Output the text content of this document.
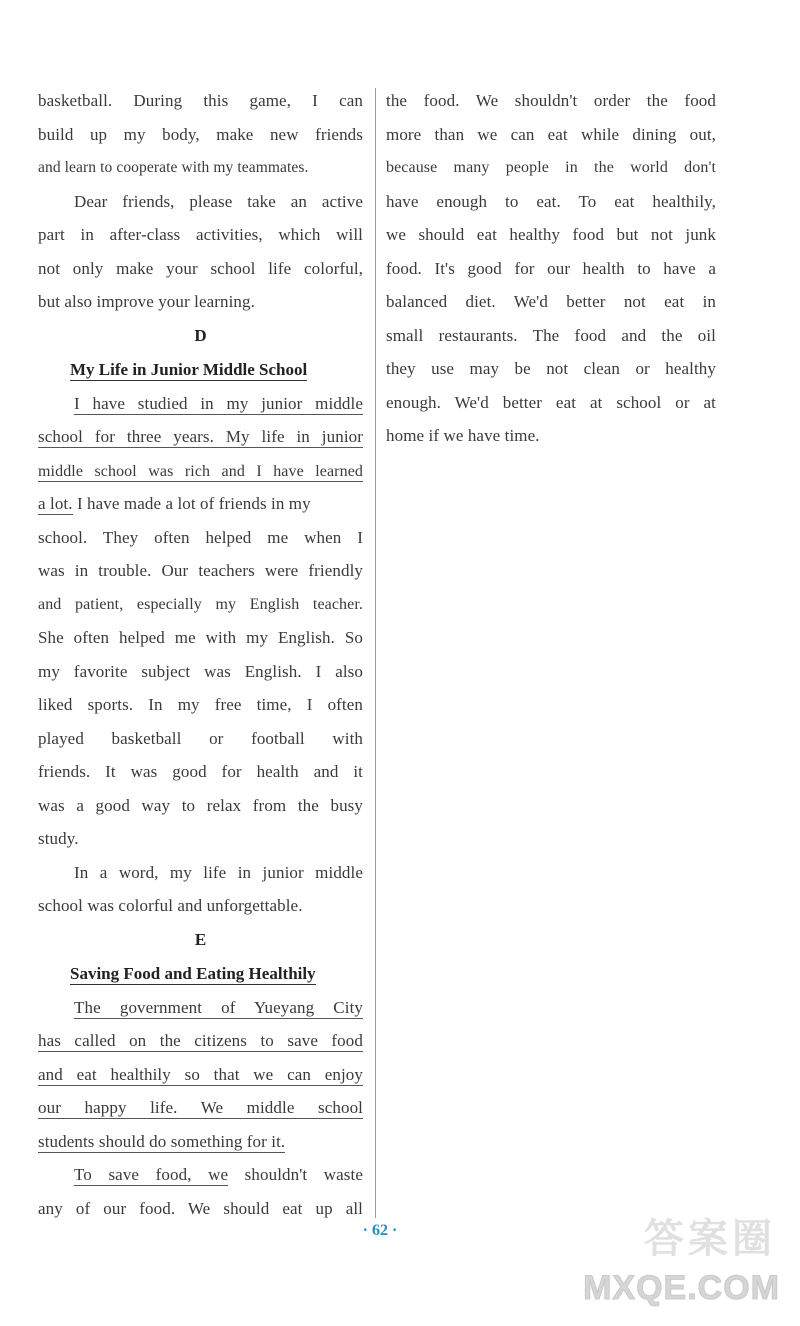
basketball. During this game, I can
build up my body, make new friends
and learn to cooperate with my teammates.
Dear friends, please take an active
part in after-class activities, which will
not only make your school life colorful,
but also improve your learning.
D
My Life in Junior Middle School
I have studied in my junior middle
school for three years. My life in junior
middle school was rich and I have learned
a lot. I have made a lot of friends in my
school. They often helped me when I
was in trouble. Our teachers were friendly
and patient, especially my English teacher.
She often helped me with my English. So
my favorite subject was English. I also
liked sports. In my free time, I often
played basketball or football with
friends. It was good for health and it
was a good way to relax from the busy
study.
In a word, my life in junior middle
school was colorful and unforgettable.
E
Saving Food and Eating Healthily
The government of Yueyang City
has called on the citizens to save food
and eat healthily so that we can enjoy
our happy life. We middle school
students should do something for it.
To save food, we shouldn't waste
any of our food. We should eat up all
the food. We shouldn't order the food
more than we can eat while dining out,
because many people in the world don't
have enough to eat. To eat healthily,
we should eat healthy food but not junk
food. It's good for our health to have a
balanced diet. We'd better not eat in
small restaurants. The food and the oil
they use may be not clean or healthy
enough. We'd better eat at school or at
home if we have time.
· 62 ·	答案圈
MXQE.COM
